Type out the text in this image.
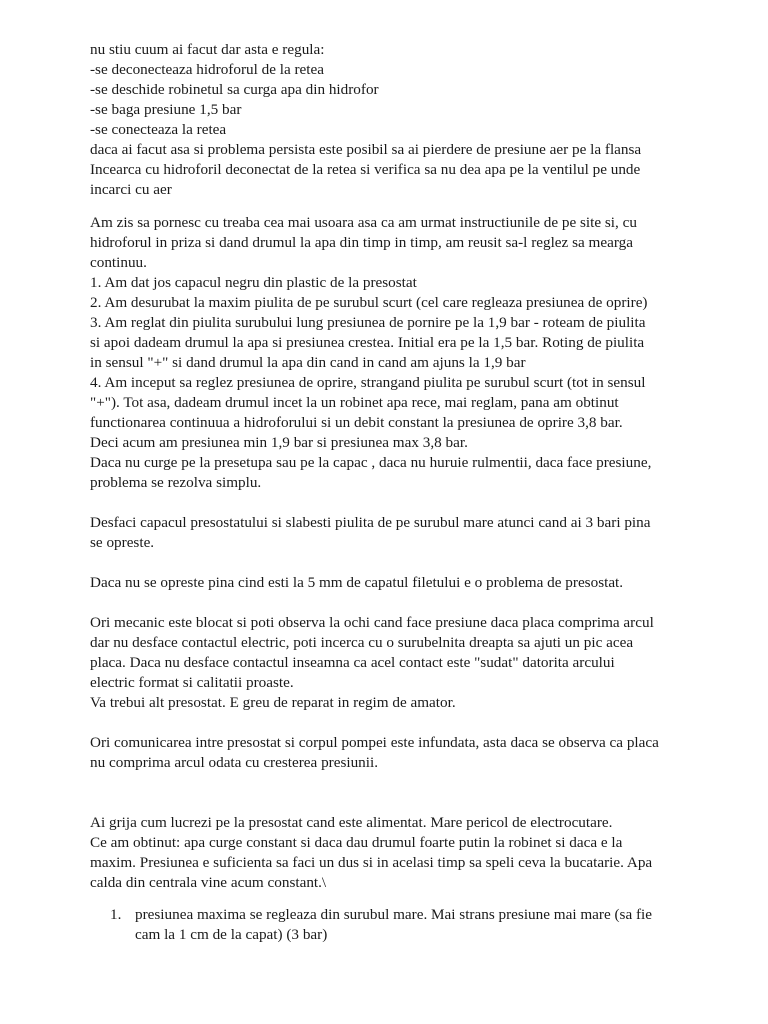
nu stiu cuum ai facut dar asta e regula:
-se deconecteaza hidroforul de la retea
-se deschide robinetul sa curga apa din hidrofor
-se baga presiune 1,5 bar
-se conecteaza la retea
daca ai facut asa si problema persista este posibil sa ai pierdere de presiune aer pe la flansa
Incearca cu hidroforil deconectat de la retea si verifica sa nu dea apa pe la ventilul pe unde
incarci cu aer
Am zis sa pornesc cu treaba cea mai usoara asa ca am urmat instructiunile de pe site si, cu
hidroforul in priza si dand drumul la apa din timp in timp, am reusit sa-l reglez sa mearga
continuu.
1. Am dat jos capacul negru din plastic de la presostat
2. Am desurubat la maxim piulita de pe surubul scurt (cel care regleaza presiunea de oprire)
3. Am reglat din piulita surubului lung presiunea de pornire pe la 1,9 bar - roteam de piulita
si apoi dadeam drumul la apa si presiunea crestea. Initial era pe la 1,5 bar. Roting de piulita
in sensul "+" si dand drumul la apa din cand in cand am ajuns la 1,9 bar
4. Am inceput sa reglez presiunea de oprire, strangand piulita pe surubul scurt (tot in sensul
"+"). Tot asa, dadeam drumul incet la un robinet apa rece, mai reglam, pana am obtinut
functionarea continuua a hidroforului si un debit constant la presiunea de oprire 3,8 bar.
Deci acum am presiunea min 1,9 bar si presiunea max 3,8 bar.
Daca nu curge pe la presetupa sau pe la capac , daca nu huruie rulmentii, daca face presiune,
problema se rezolva simplu.
Desfaci capacul presostatului si slabesti piulita de pe surubul mare atunci cand ai 3 bari pina
se opreste.
Daca nu se opreste pina cind esti la 5 mm de capatul filetului e o problema de presostat.
Ori mecanic este blocat si poti observa la ochi cand face presiune daca placa comprima arcul
dar nu desface contactul electric, poti incerca cu o surubelnita dreapta sa ajuti un pic acea
placa. Daca nu desface contactul inseamna ca acel contact este "sudat" datorita arcului
electric format si calitatii proaste.
Va trebui alt presostat. E greu de reparat in regim de amator.
Ori comunicarea intre presostat si corpul pompei este infundata, asta daca se observa ca placa
nu comprima arcul odata cu cresterea presiunii.
Ai grija cum lucrezi pe la presostat cand este alimentat. Mare pericol de electrocutare.
Ce am obtinut: apa curge constant si daca dau drumul foarte putin la robinet si daca e la
maxim. Presiunea e suficienta sa faci un dus si in acelasi timp sa speli ceva la bucatarie. Apa
calda din centrala vine acum constant.\
1. presiunea maxima se regleaza din surubul mare. Mai strans presiune mai mare (sa fie
cam la 1 cm de la capat) (3 bar)
